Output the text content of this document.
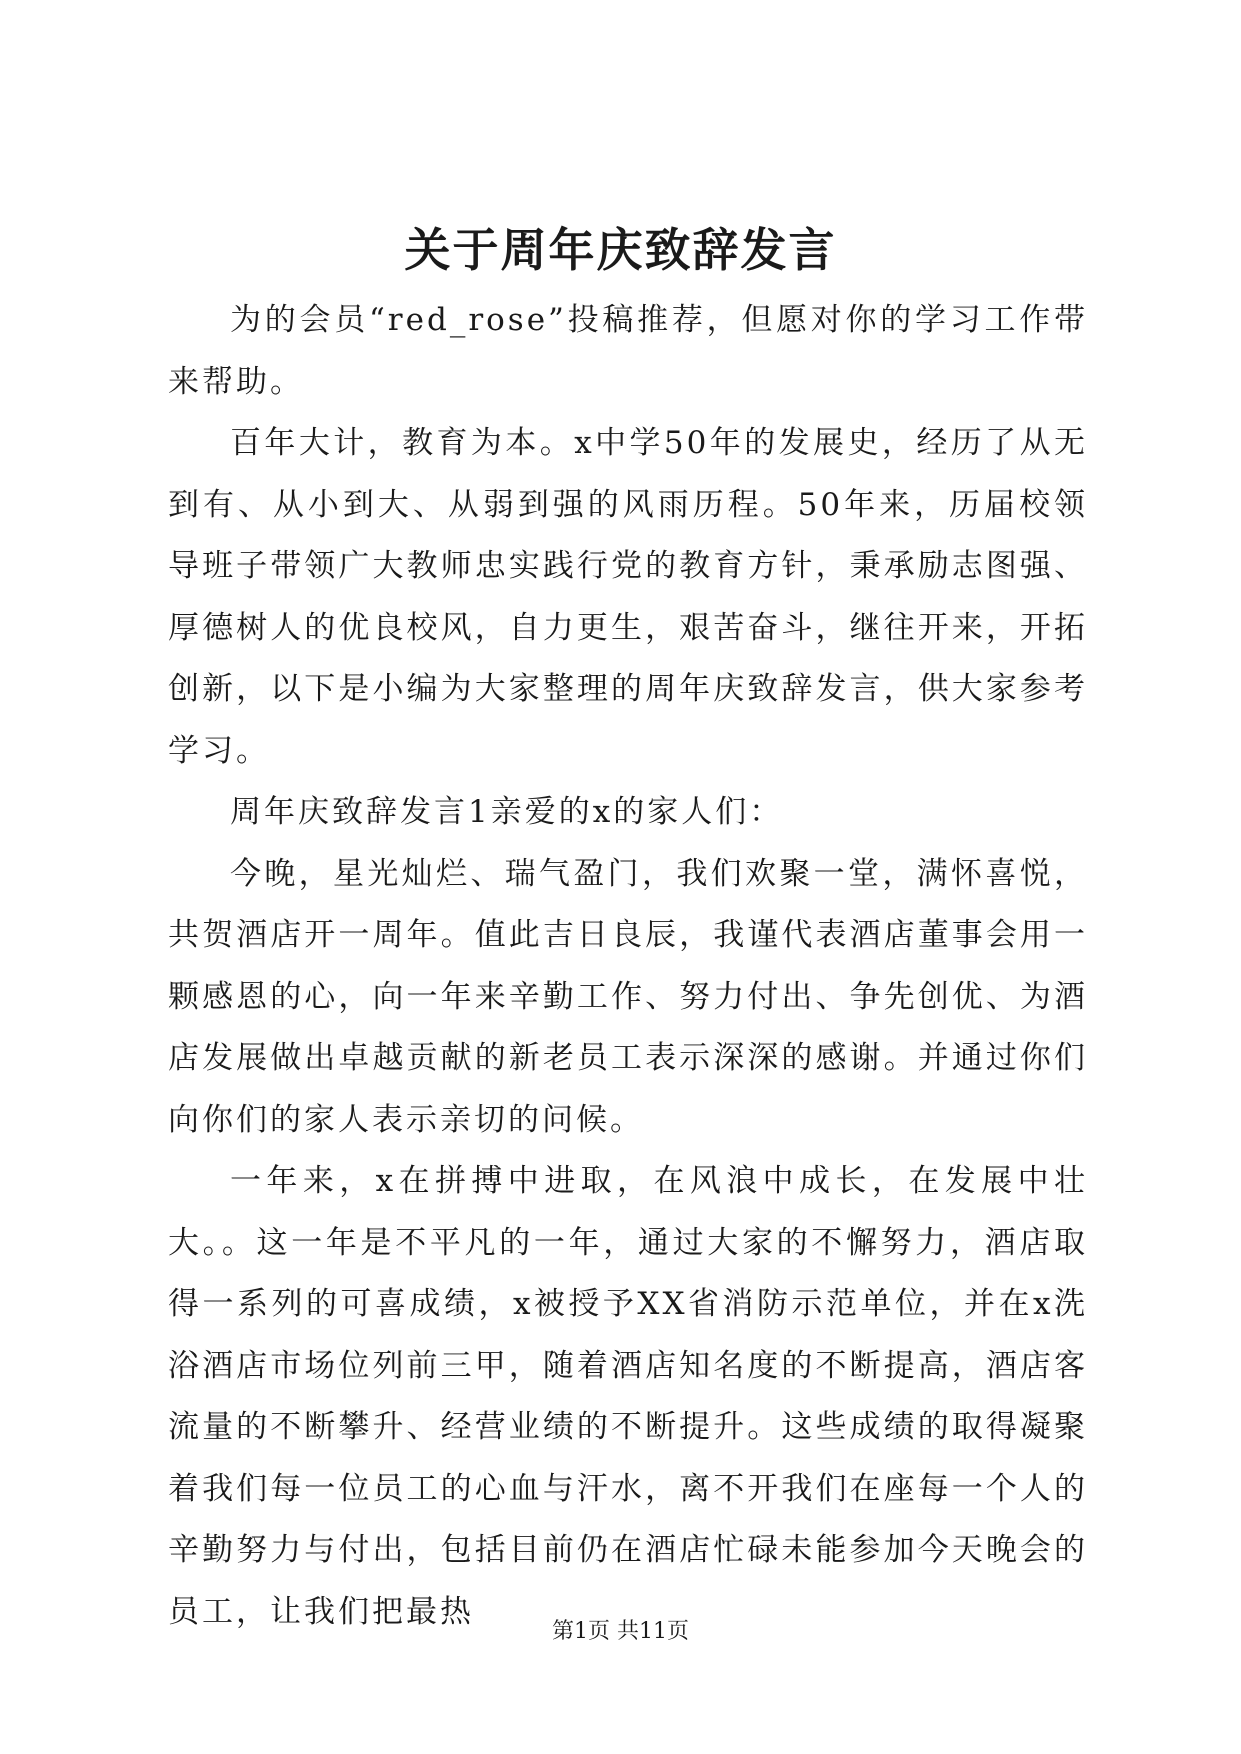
关于周年庆致辞发言

为的会员“red_rose”投稿推荐，但愿对你的学习工作带来帮助。

百年大计，教育为本。x中学50年的发展史，经历了从无到有、从小到大、从弱到强的风雨历程。50年来，历届校领导班子带领广大教师忠实践行党的教育方针，秉承励志图强、厚德树人的优良校风，自力更生，艰苦奋斗，继往开来，开拓创新，以下是小编为大家整理的周年庆致辞发言，供大家参考学习。

周年庆致辞发言1亲爱的x的家人们：

今晚，星光灿烂、瑞气盈门，我们欢聚一堂，满怀喜悦，共贺酒店开一周年。值此吉日良辰，我谨代表酒店董事会用一颗感恩的心，向一年来辛勤工作、努力付出、争先创优、为酒店发展做出卓越贡献的新老员工表示深深的感谢。并通过你们向你们的家人表示亲切的问候。

一年来，x在拼搏中进取，在风浪中成长，在发展中壮大。。这一年是不平凡的一年，通过大家的不懈努力，酒店取得一系列的可喜成绩，x被授予XX省消防示范单位，并在x洗浴酒店市场位列前三甲，随着酒店知名度的不断提高，酒店客流量的不断攀升、经营业绩的不断提升。这些成绩的取得凝聚着我们每一位员工的心血与汗水，离不开我们在座每一个人的辛勤努力与付出，包括目前仍在酒店忙碌未能参加今天晚会的员工，让我们把最热

第1页 共11页
